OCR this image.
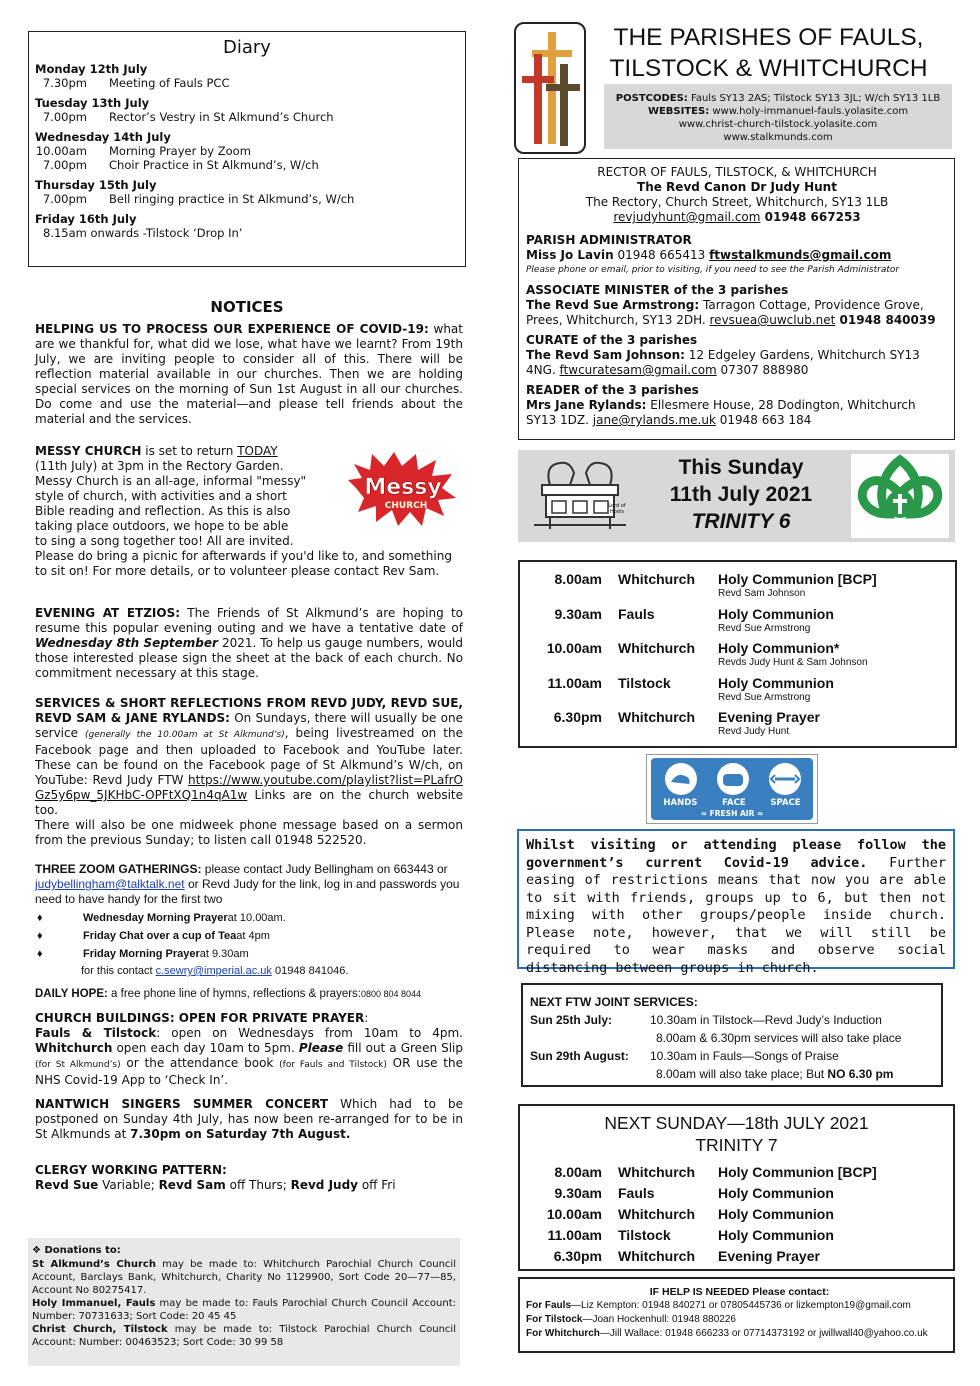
Diary
Monday 12th July
7.30pm	Meeting of Fauls PCC
Tuesday 13th July
7.00pm	Rector’s Vestry in St Alkmund’s Church
Wednesday 14th July
10.00am	Morning Prayer by Zoom
7.00pm	Choir Practice in St Alkmund’s, W/ch
Thursday 15th July
7.00pm	Bell ringing practice in St Alkmund’s, W/ch
Friday 16th July
8.15am onwards -Tilstock ‘Drop In’
NOTICES
HELPING US TO PROCESS OUR EXPERIENCE OF COVID-19: what are we thankful for, what did we lose, what have we learnt? From 19th July, we are inviting people to consider all of this. There will be reflection material available in our churches. Then we are holding special services on the morning of Sun 1st August in all our churches. Do come and use the material—and please tell friends about the material and the services.
MESSY CHURCH is set to return TODAY
(11th July) at 3pm in the Rectory Garden.
Messy Church is an all-age, informal "messy"
style of church, with activities and a short
Bible reading and reflection. As this is also
taking place outdoors, we hope to be able
to sing a song together too! All are invited.
Please do bring a picnic for afterwards if you'd like to, and something to sit on! For more details, or to volunteer please contact Rev Sam.
Messy
CHURCH
EVENING AT ETZIOS: The Friends of St Alkmund’s are hoping to resume this popular evening outing and we have a tentative date of Wednesday 8th September 2021. To help us gauge numbers, would those interested please sign the sheet at the back of each church. No commitment necessary at this stage.
SERVICES & SHORT REFLECTIONS FROM REVD JUDY, REVD SUE, REVD SAM & JANE RYLANDS: On Sundays, there will usually be one service (generally the 10.00am at St Alkmund’s), being livestreamed on the Facebook page and then uploaded to Facebook and YouTube later. These can be found on the Facebook page of St Alkmund’s W/ch, on YouTube: Revd Judy FTW https://www.youtube.com/playlist?list=PLafrOGz5y6pw_5JKHbC-OPFtXQ1n4qA1w Links are on the church website too.
There will also be one midweek phone message based on a sermon from the previous Sunday; to listen call 01948 522520.
THREE ZOOM GATHERINGS: please contact Judy Bellingham on 663443 or judybellingham@talktalk.net or Revd Judy for the link, log in and passwords you need to have handy for the first two
♦	Wednesday Morning Prayer at 10.00am.
♦	Friday Chat over a cup of Tea at 4pm
♦	Friday Morning Prayer at 9.30am
for this contact c.sewry@imperial.ac.uk 01948 841046.
DAILY HOPE: a free phone line of hymns, reflections & prayers:0800 804 8044
CHURCH BUILDINGS: OPEN FOR PRIVATE PRAYER:
Fauls & Tilstock: open on Wednesdays from 10am to 4pm. Whitchurch open each day 10am to 5pm. Please fill out a Green Slip (for St Alkmund’s) or the attendance book (for Fauls and Tilstock) OR use the NHS Covid-19 App to ‘Check In’.
NANTWICH SINGERS SUMMER CONCERT Which had to be postponed on Sunday 4th July, has now been re-arranged for to be in St Alkmunds at 7.30pm on Saturday 7th August.
CLERGY WORKING PATTERN:
Revd Sue Variable; Revd Sam off Thurs; Revd Judy off Fri
❖ Donations to:
St Alkmund’s Church may be made to: Whitchurch Parochial Church Council Account, Barclays Bank, Whitchurch, Charity No 1129900, Sort Code 20—77—85, Account No 80275417.
Holy Immanuel, Fauls may be made to: Fauls Parochial Church Council Account: Number: 70731633; Sort Code: 20 45 45
Christ Church, Tilstock may be made to: Tilstock Parochial Church Council Account: Number: 00463523; Sort Code: 30 99 58
THE PARISHES OF FAULS,
TILSTOCK & WHITCHURCH
POSTCODES: Fauls SY13 2AS; Tilstock SY13 3JL; W/ch SY13 1LB
WEBSITES: www.holy-immanuel-fauls.yolasite.com
www.christ-church-tilstock.yolasite.com
www.stalkmunds.com
RECTOR OF FAULS, TILSTOCK, & WHITCHURCH
The Revd Canon Dr Judy Hunt
The Rectory, Church Street, Whitchurch, SY13 1LB
revjudyhunt@gmail.com 01948 667253
PARISH ADMINISTRATOR
Miss Jo Lavin 01948 665413 ftwstalkmunds@gmail.com
Please phone or email, prior to visiting, if you need to see the Parish Administrator
ASSOCIATE MINISTER of the 3 parishes
The Revd Sue Armstrong: Tarragon Cottage, Providence Grove, Prees, Whitchurch, SY13 2DH. revsuea@uwclub.net 01948 840039
CURATE of the 3 parishes
The Revd Sam Johnson: 12 Edgeley Gardens, Whitchurch SY13 4NG. ftwcuratesam@gmail.com 07307 888980
READER of the 3 parishes
Mrs Jane Rylands: Ellesmere House, 28 Dodington, Whitchurch SY13 1DZ. jane@rylands.me.uk 01948 663 184
Lord of Hosts
This Sunday
11th July 2021
TRINITY 6
8.00am	Whitchurch	Holy Communion [BCP]
Revd Sam Johnson
9.30am	Fauls	Holy Communion
Revd Sue Armstrong
10.00am	Whitchurch	Holy Communion*
Revds Judy Hunt & Sam Johnson
11.00am	Tilstock	Holy Communion
Revd Sue Armstrong
6.30pm	Whitchurch	Evening Prayer
Revd Judy Hunt
HANDS	FACE	SPACE
≈ FRESH AIR ≈
Whilst visiting or attending please follow the government’s current Covid-19 advice. Further easing of restrictions means that now you are able to sit with friends, groups up to 6, but then not mixing with other groups/people inside church. Please note, however, that we will still be required to wear masks and observe social distancing between groups in church.
NEXT FTW JOINT SERVICES:
Sun 25th July:	10.30am in Tilstock—Revd Judy’s Induction
8.00am & 6.30pm services will also take place
Sun 29th August:	10.30am in Fauls—Songs of Praise
8.00am will also take place; But NO 6.30 pm
NEXT SUNDAY—18th JULY 2021
TRINITY 7
8.00am	Whitchurch	Holy Communion [BCP]
9.30am	Fauls	Holy Communion
10.00am	Whitchurch	Holy Communion
11.00am	Tilstock	Holy Communion
6.30pm	Whitchurch	Evening Prayer
IF HELP IS NEEDED Please contact:
For Fauls—Liz Kempton: 01948 840271 or 07805445736 or lizkempton19@gmail.com
For Tilstock—Joan Hockenhull: 01948 880226
For Whitchurch—Jill Wallace: 01948 666233 or 07714373192 or jwillwall40@yahoo.co.uk
